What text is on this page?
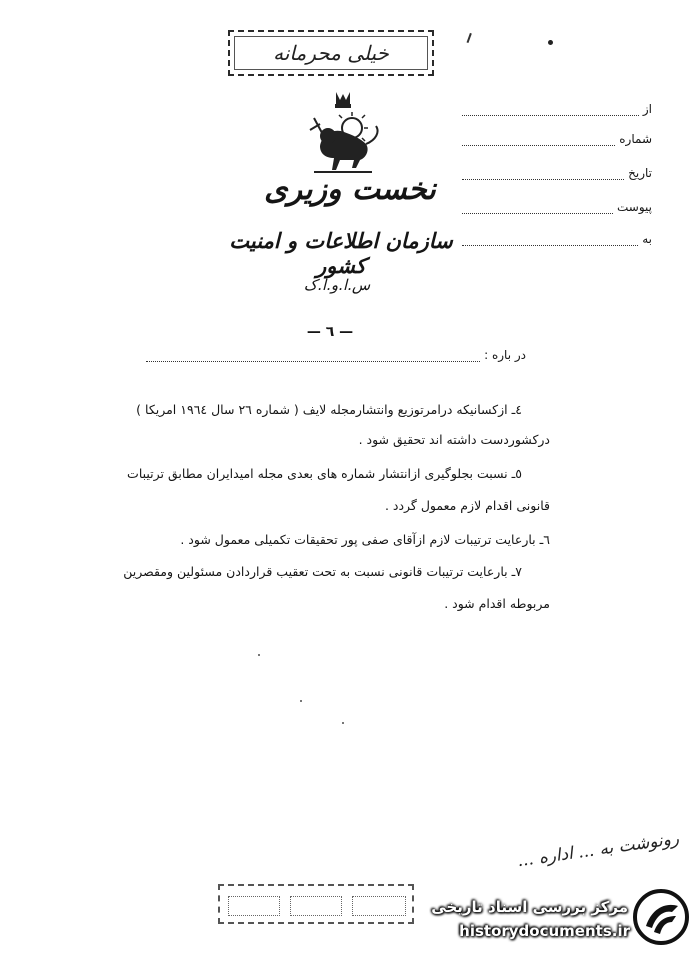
خیلی محرمانه
نخست وزیری
سازمان اطلاعات و امنیت کشور
س.ا.و.ا.ک
از
شماره
تاریخ
پیوست
به
— ٦ —
در باره :
٤ـ ازکسانیکه درامرتوزیع وانتشارمجله لایف ( شماره ٢٦ سال ١٩٦٤ امریکا )
درکشوردست داشته اند تحقیق شود .
٥ـ نسبت بجلوگیری ازانتشار شماره های بعدی مجله امیدایران مطابق ترتیبات
قانونی اقدام لازم معمول گردد .
٦ـ بارعایت ترتیبات لازم ازآقای صفی پور تحقیقات تکمیلی معمول شود .
٧ـ بارعایت ترتیبات قانونی نسبت به تحت تعقیب قراردادن مسئولین ومقصرین
مربوطه اقدام شود .
رونوشت به ... اداره ...
مرکز بررسی اسناد تاریخی
historydocuments.ir
